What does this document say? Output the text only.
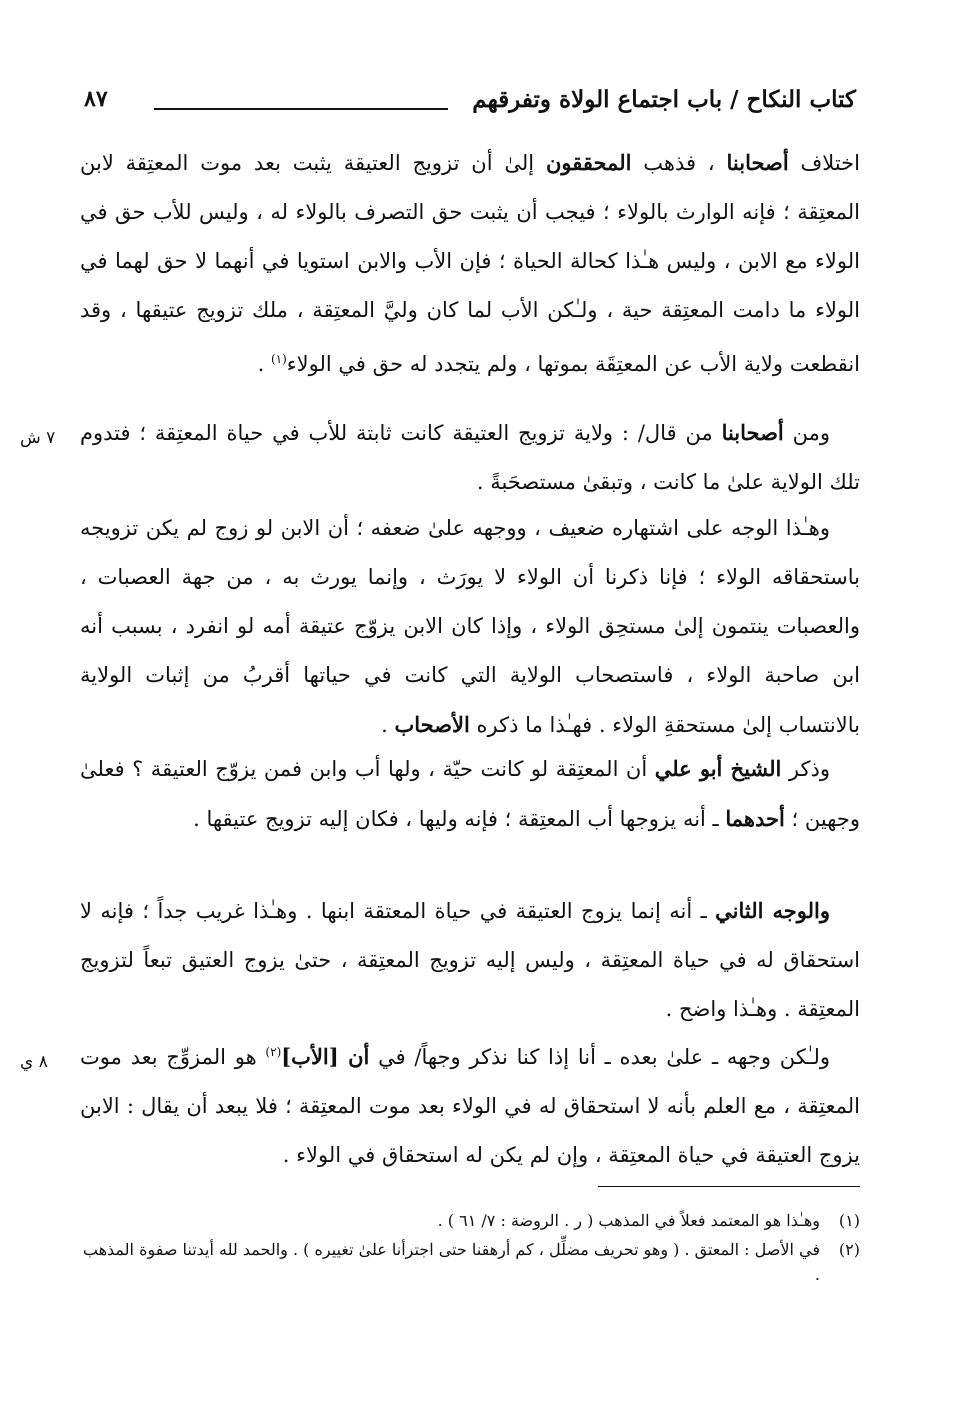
كتاب النكاح / باب اجتماع الولاة وتفرقهم
٨٧
٧ ش
٨ ي

اختلاف أصحابنا ، فذهب المحققون إلىٰ أن تزويج العتيقة يثبت بعد موت المعتِقة لابن المعتِقة ؛ فإنه الوارث بالولاء ؛ فيجب أن يثبت حق التصرف بالولاء له ، وليس للأب حق في الولاء مع الابن ، وليس هـٰذا كحالة الحياة ؛ فإن الأب والابن استويا في أنهما لا حق لهما في الولاء ما دامت المعتِقة حية ، ولـٰكن الأب لما كان وليَّ المعتِقة ، ملك تزويج عتيقها ، وقد انقطعت ولاية الأب عن المعتِقَة بموتها ، ولم يتجدد له حق في الولاء$^{(١)}$ .

ومن أصحابنا من قال/ : ولاية تزويج العتيقة كانت ثابتة للأب في حياة المعتِقة ؛ فتدوم تلك الولاية علىٰ ما كانت ، وتبقىٰ مستصحَبةً .

وهـٰذا الوجه على اشتهاره ضعيف ، ووجهه علىٰ ضعفه ؛ أن الابن لو زوج لم يكن تزويجه باستحقاقه الولاء ؛ فإنا ذكرنا أن الولاء لا يورَث ، وإنما يورث به ، من جهة العصبات ، والعصبات ينتمون إلىٰ مستحِق الولاء ، وإذا كان الابن يزوّج عتيقة أمه لو انفرد ، بسبب أنه ابن صاحبة الولاء ، فاستصحاب الولاية التي كانت في حياتها أقربُ من إثبات الولاية بالانتساب إلىٰ مستحقةِ الولاء . فهـٰذا ما ذكره الأصحاب .

وذكر الشيخ أبو علي أن المعتِقة لو كانت حيّة ، ولها أب وابن فمن يزوّج العتيقة ؟ فعلىٰ وجهين ؛ أحدهما ـ أنه يزوجها أب المعتِقة ؛ فإنه وليها ، فكان إليه تزويج عتيقها .

والوجه الثاني ـ أنه إنما يزوج العتيقة في حياة المعتقة ابنها . وهـٰذا غريب جداً ؛ فإنه لا استحقاق له في حياة المعتِقة ، وليس إليه تزويج المعتِقة ، حتىٰ يزوج العتيق تبعاً لتزويج المعتِقة . وهـٰذا واضح .

ولـٰكن وجهه ـ علىٰ بعده ـ أنا إذا كنا نذكر وجهاً/ في أن [الأب]$^{(٢)}$ هو المزوِّج بعد موت المعتِقة ، مع العلم بأنه لا استحقاق له في الولاء بعد موت المعتِقة ؛ فلا يبعد أن يقال : الابن يزوج العتيقة في حياة المعتِقة ، وإن لم يكن له استحقاق في الولاء .

(١)
وهـٰذا هو المعتمد فعلاً في المذهب ( ر . الروضة : ٧/ ٦١ ) .
(٢)
في الأصل : المعتق . ( وهو تحريف مضلِّل ، كم أرهقنا حتى اجترأنا علىٰ تغييره ) . والحمد لله أيدتنا صفوة المذهب .
